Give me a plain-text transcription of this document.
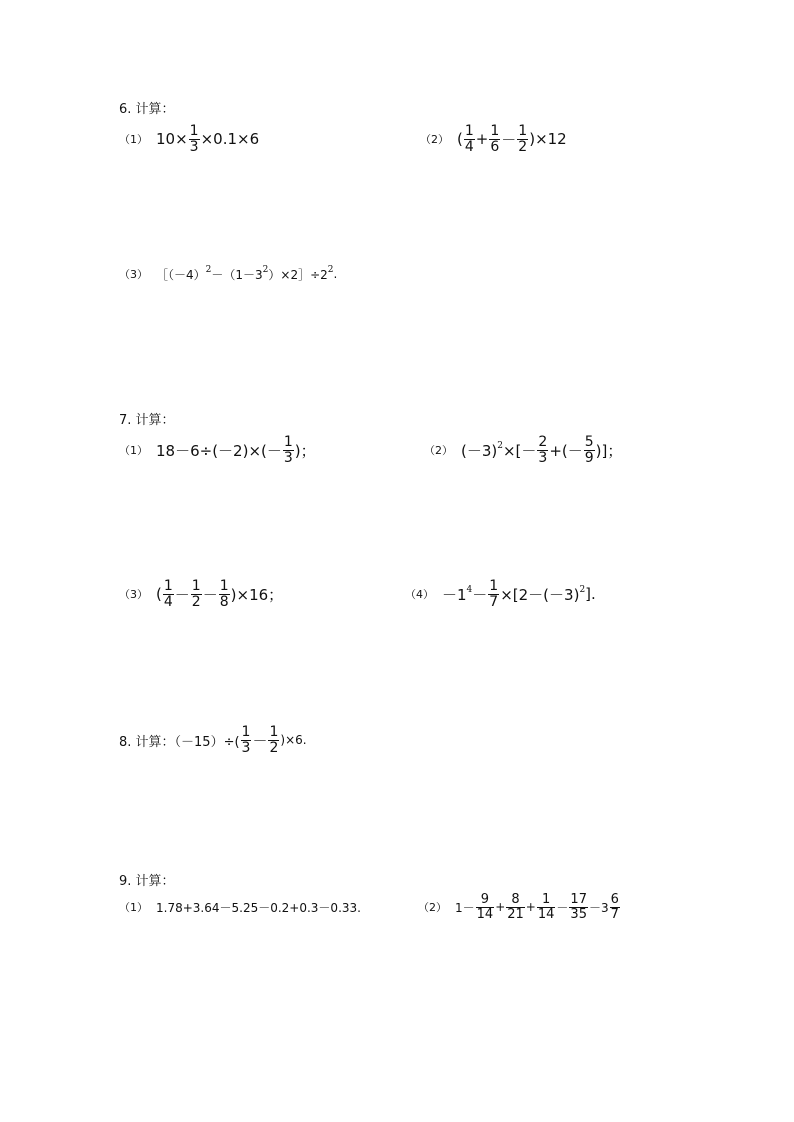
6. 计算：
（1） $10\times \frac{1}{3} \times 0.1\times 6$	（2） ( $\frac{1}{4} + \frac{1}{6} - \frac{1}{2} )\times 12$
（3） $[(-4)^2 -(1-3^2$ ）$\times 2]\div 2^2$ .
7. 计算：
（1） $18-6\div(-2)\times(- \frac{1}{3}$ )；	（2） $(-3)^2$ ×[－ $\frac{2}{3}$ +(－ $\frac{5}{9}$ )]；
（3） ( $\frac{1}{4} - \frac{1}{2} - \frac{1}{8} )\times 16$；	$(4) -1^4 - \frac{1}{7} \times[2-(-3)^2$ ].
8. 计算：$(-15)\div( \frac{1}{3} - \frac{1}{2} )\times 6$.
9. 计算：
（1） 1.78+3.64－5.25－0.2+0.3－0.33.	（2） $1- \frac{9}{14} + \frac{8}{21} + \frac{1}{14} - \frac{17}{35} -3 \frac{6}{7}$
